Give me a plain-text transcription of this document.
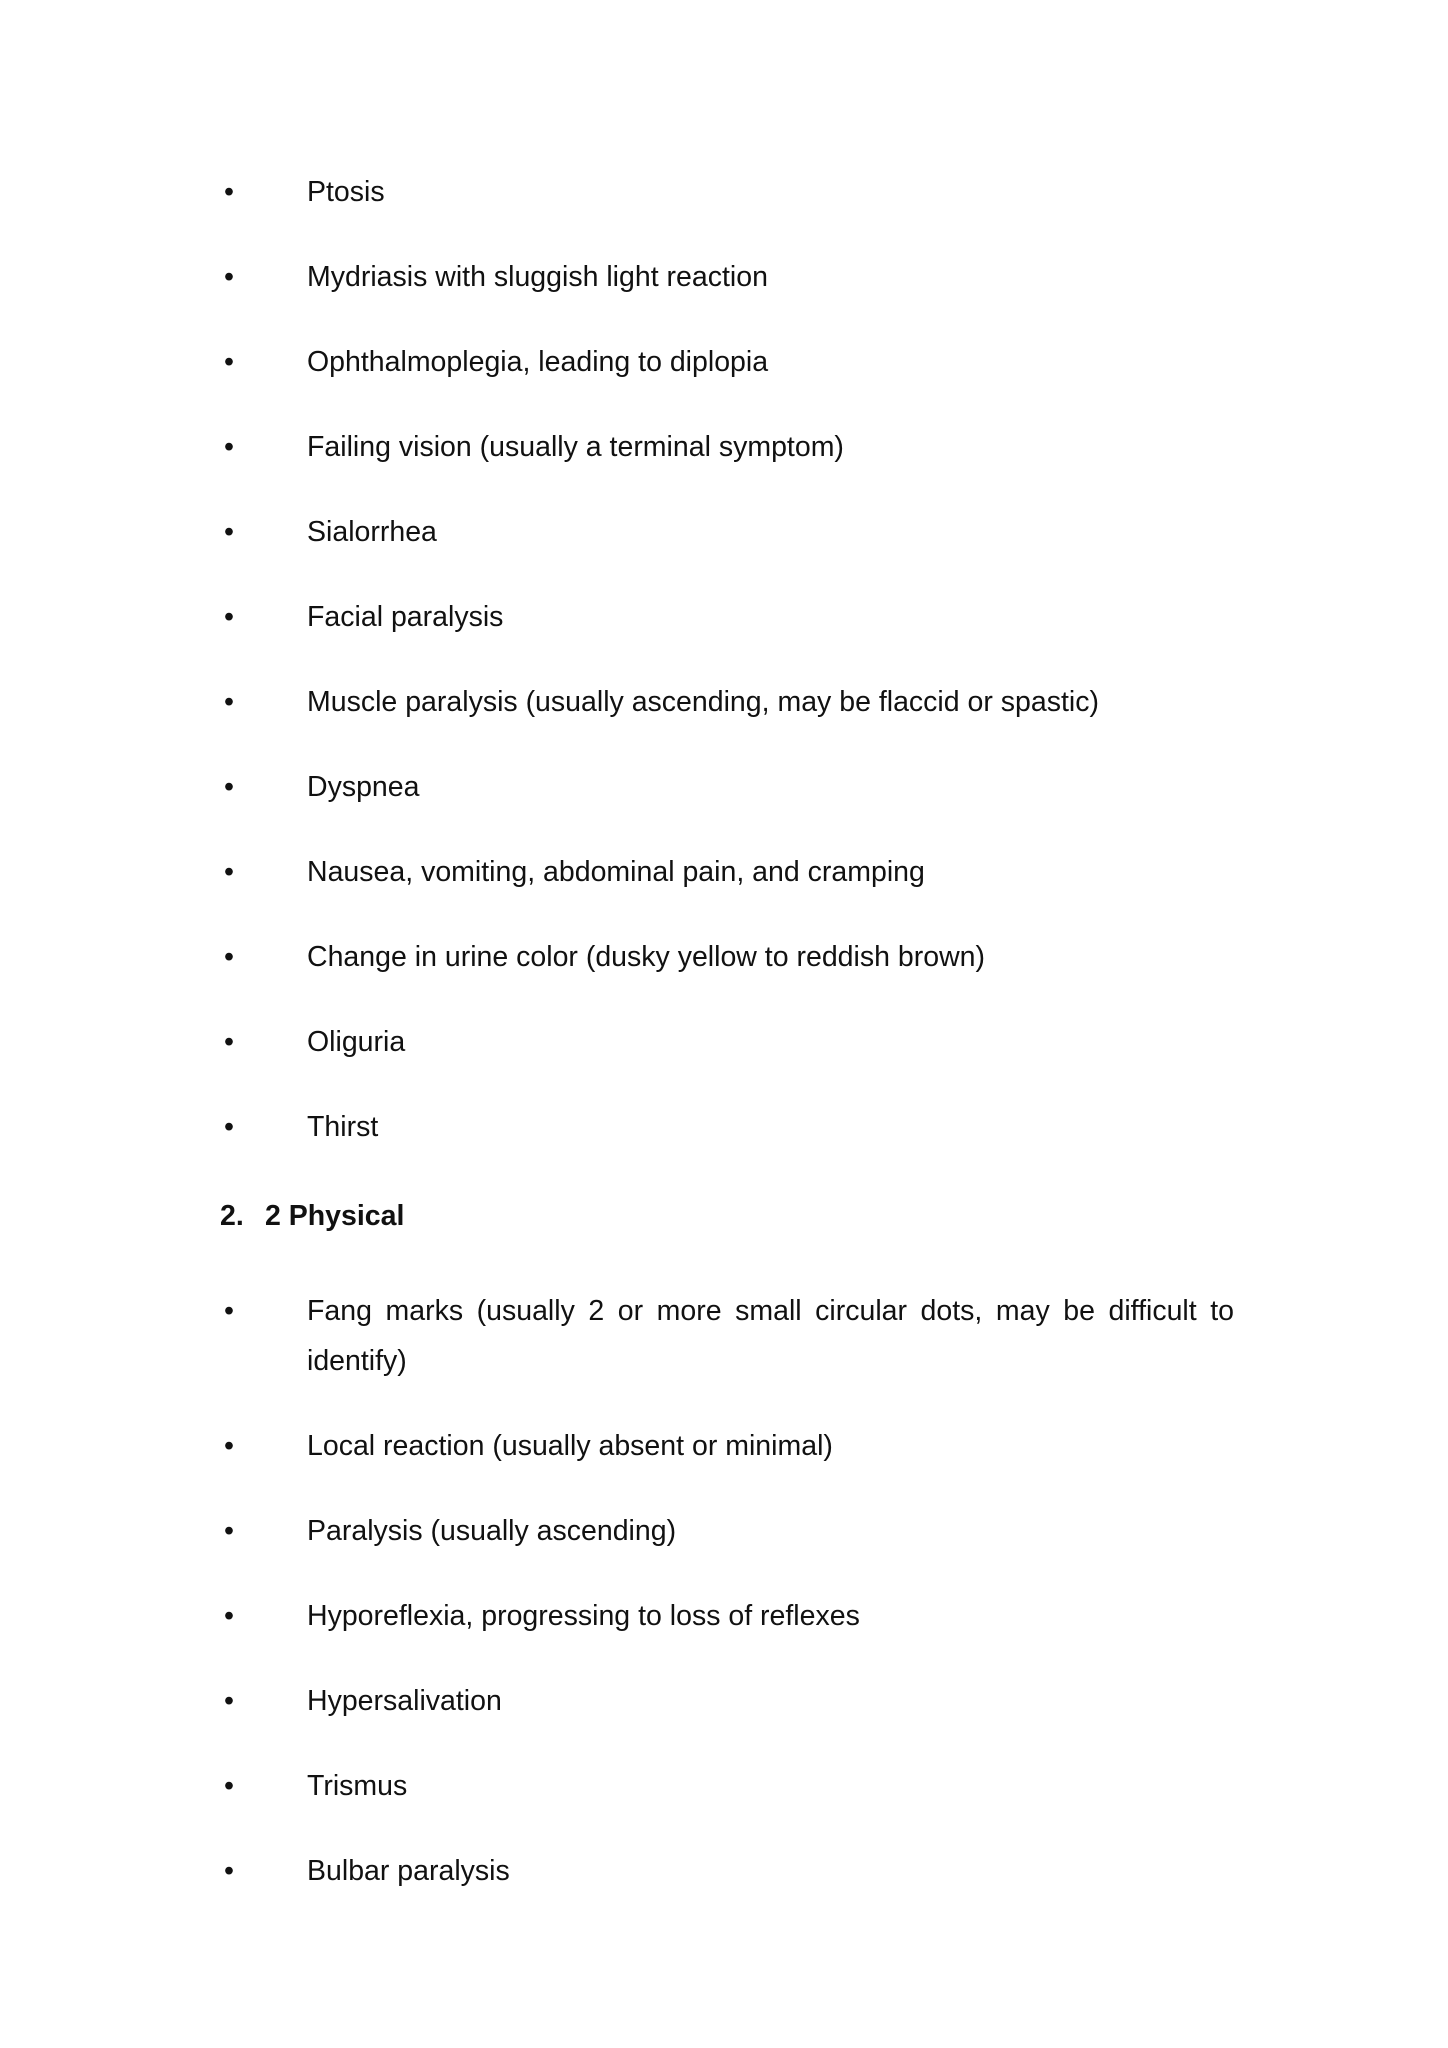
•	Ptosis
•	Mydriasis with sluggish light reaction
•	Ophthalmoplegia, leading to diplopia
•	Failing vision (usually a terminal symptom)
•	Sialorrhea
•	Facial paralysis
•	Muscle paralysis (usually ascending, may be flaccid or spastic)
•	Dyspnea
•	Nausea, vomiting, abdominal pain, and cramping
•	Change in urine color (dusky yellow to reddish brown)
•	Oliguria
•	Thirst
2. 2 Physical
•	Fang marks (usually 2 or more small circular dots, may be difficult to identify)
•	Local reaction (usually absent or minimal)
•	Paralysis (usually ascending)
•	Hyporeflexia, progressing to loss of reflexes
•	Hypersalivation
•	Trismus
•	Bulbar paralysis
